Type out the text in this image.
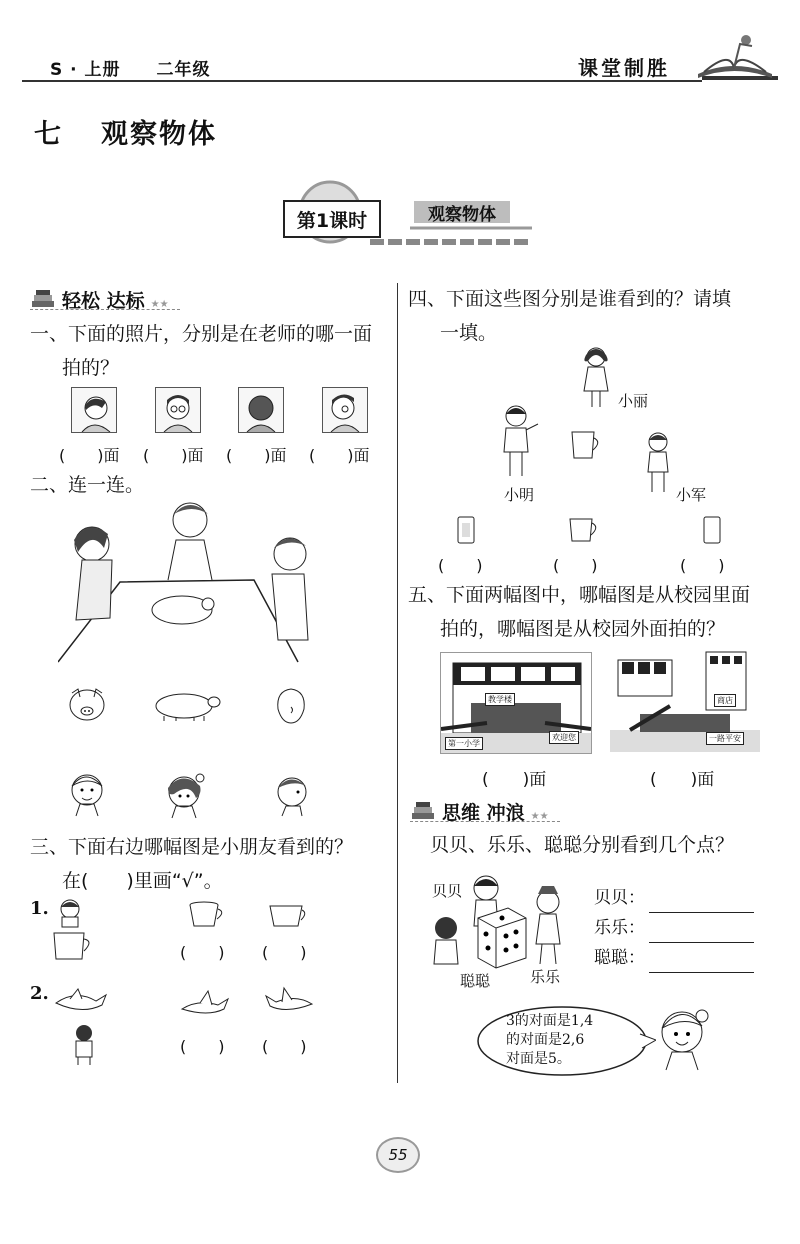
S · 上册　　二年级	课堂制胜
七 观察物体
第1课时	观察物体
轻松 达标 ★★
一、下面的照片，分别是在老师的哪一面
拍的？
(　　)面 (　　)面 (　　)面 (　　)面
二、连一连。
三、下面右边哪幅图是小朋友看到的？
在(　　)里画“√”。
1.
(　　) (　　)
2.
(　　) (　　)
四、下面这些图分别是谁看到的？请填
一填。
小丽
小明	小军
(　　)	(　　)	(　　)
五、下面两幅图中，哪幅图是从校园里面
拍的，哪幅图是从校园外面拍的？
教学楼
欢迎您
第一小学
商店
一路平安
(　　)面	(　　)面
思维 冲浪 ★★
贝贝、乐乐、聪聪分别看到几个点？
贝贝
聪聪	乐乐
贝贝：
乐乐：
聪聪：
3的对面是1,4
的对面是2,6
对面是5。
55
